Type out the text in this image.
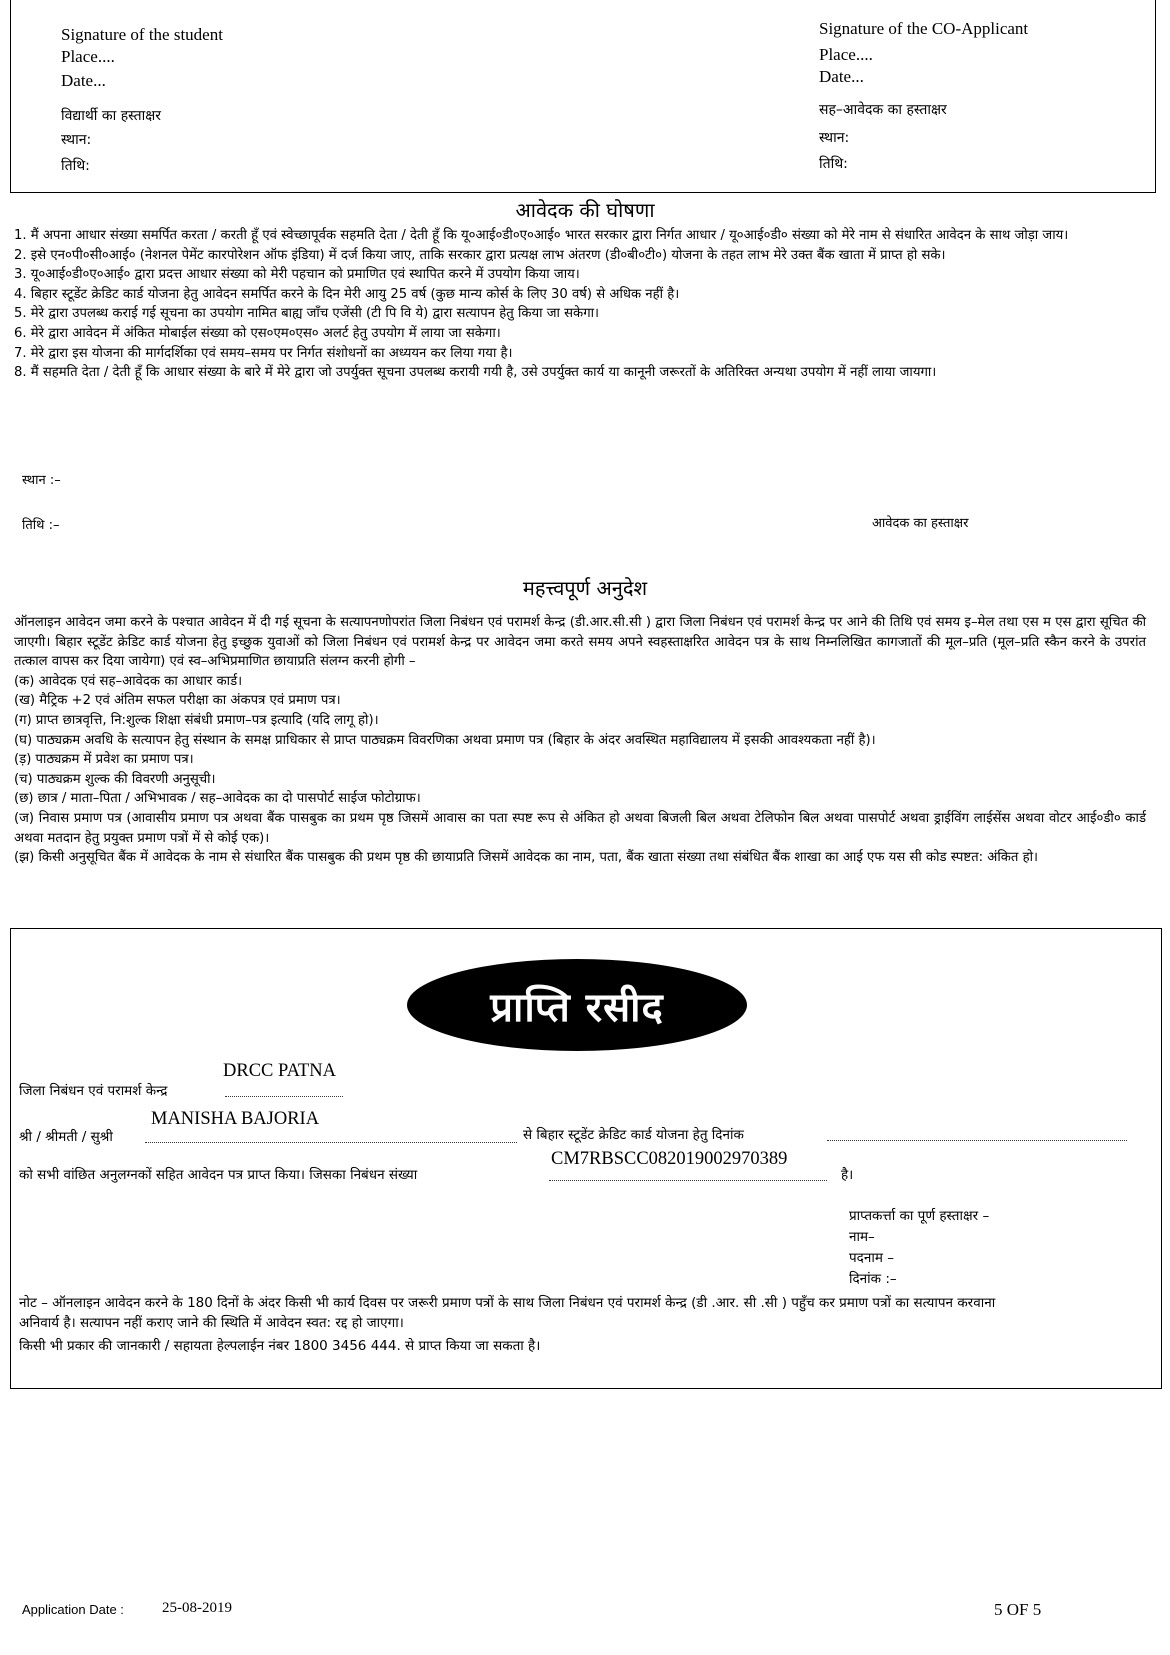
Signature of the student
Place....
Date...
विद्यार्थी का हस्ताक्षर
स्थान:
तिथि:
Signature of the CO-Applicant
Place....
Date...
सह–आवेदक का हस्ताक्षर
स्थान:
तिथि:
आवेदक की घोषणा

1. मैं अपना आधार संख्या समर्पित करता / करती हूँ एवं स्वेच्छापूर्वक सहमति देता / देती हूँ कि यू०आई०डी०ए०आई० भारत सरकार द्वारा निर्गत आधार / यू०आई०डी० संख्या को मेरे नाम से संधारित आवेदन के साथ जोड़ा जाय।

2. इसे एन०पी०सी०आई० (नेशनल पेमेंट कारपोरेशन ऑफ इंडिया) में दर्ज किया जाए, ताकि सरकार द्वारा प्रत्यक्ष लाभ अंतरण (डी०बी०टी०) योजना के तहत लाभ मेरे उक्त बैंक खाता में प्राप्त हो सके।

3. यू०आई०डी०ए०आई० द्वारा प्रदत्त आधार संख्या को मेरी पहचान को प्रमाणित एवं स्थापित करने में उपयोग किया जाय।

4. बिहार स्टूडेंट क्रेडिट कार्ड योजना हेतु आवेदन समर्पित करने के दिन मेरी आयु 25 वर्ष (कुछ मान्य कोर्स के लिए 30 वर्ष) से अधिक नहीं है।

5. मेरे द्वारा उपलब्ध कराई गई सूचना का उपयोग नामित बाह्य जाँच एजेंसी (टी पि वि ये) द्वारा सत्यापन हेतु किया जा सकेगा।

6. मेरे द्वारा आवेदन में अंकित मोबाईल संख्या को एस०एम०एस० अलर्ट हेतु उपयोग में लाया जा सकेगा।

7. मेरे द्वारा इस योजना की मार्गदर्शिका एवं समय–समय पर निर्गत संशोधनों का अध्ययन कर लिया गया है।

8. मैं सहमति देता / देती हूँ कि आधार संख्या के बारे में मेरे द्वारा जो उपर्युक्त सूचना उपलब्ध करायी गयी है, उसे उपर्युक्त कार्य या कानूनी जरूरतों के अतिरिक्त अन्यथा उपयोग में नहीं लाया जायगा।

स्थान :–
तिथि :–	आवेदक का हस्ताक्षर
महत्त्वपूर्ण अनुदेश

ऑनलाइन आवेदन जमा करने के पश्चात आवेदन में दी गई सूचना के सत्यापनणोपरांत जिला निबंधन एवं परामर्श केन्द्र (डी.आर.सी.सी ) द्वारा जिला निबंधन एवं परामर्श केन्द्र पर आने की तिथि एवं समय इ–मेल तथा एस म एस द्वारा सूचित की जाएगी। बिहार स्टूडेंट क्रेडिट कार्ड योजना हेतु इच्छुक युवाओं को जिला निबंधन एवं परामर्श केन्द्र पर आवेदन जमा करते समय अपने स्वहस्ताक्षरित आवेदन पत्र के साथ निम्नलिखित कागजातों की मूल–प्रति (मूल–प्रति स्कैन करने के उपरांत तत्काल वापस कर दिया जायेगा) एवं स्व–अभिप्रमाणित छायाप्रति संलग्न करनी होगी –

(क) आवेदक एवं सह–आवेदक का आधार कार्ड।

(ख) मैट्रिक +2 एवं अंतिम सफल परीक्षा का अंकपत्र एवं प्रमाण पत्र।

(ग) प्राप्त छात्रवृत्ति, नि:शुल्क शिक्षा संबंधी प्रमाण–पत्र इत्यादि (यदि लागू हो)।

(घ) पाठ्यक्रम अवधि के सत्यापन हेतु संस्थान के समक्ष प्राधिकार से प्राप्त पाठ्यक्रम विवरणिका अथवा प्रमाण पत्र (बिहार के अंदर अवस्थित महाविद्यालय में इसकी आवश्यकता नहीं है)।

(ड़) पाठ्यक्रम में प्रवेश का प्रमाण पत्र।

(च) पाठ्यक्रम शुल्क की विवरणी अनुसूची।

(छ) छात्र / माता–पिता / अभिभावक / सह–आवेदक का दो पासपोर्ट साईज फोटोग्राफ।

(ज) निवास प्रमाण पत्र (आवासीय प्रमाण पत्र अथवा बैंक पासबुक का प्रथम पृष्ठ जिसमें आवास का पता स्पष्ट रूप से अंकित हो अथवा बिजली बिल अथवा टेलिफोन बिल अथवा पासपोर्ट अथवा ड्राईविंग लाईसेंस अथवा वोटर आई०डी० कार्ड अथवा मतदान हेतु प्रयुक्त प्रमाण पत्रों में से कोई एक)।

(झ) किसी अनुसूचित बैंक में आवेदक के नाम से संधारित बैंक पासबुक की प्रथम पृष्ठ की छायाप्रति जिसमें आवेदक का नाम, पता, बैंक खाता संख्या तथा संबंधित बैंक शाखा का आई एफ यस सी कोड स्पष्टत: अंकित हो।

प्राप्ति रसीद
जिला निबंधन एवं परामर्श केन्द्र
DRCC PATNA
श्री / श्रीमती / सुश्री
MANISHA BAJORIA
से बिहार स्टूडेंट क्रेडिट कार्ड योजना हेतु दिनांक
को सभी वांछित अनुलग्नकों सहित आवेदन पत्र प्राप्त किया। जिसका निबंधन संख्या
CM7RBSCC082019002970389
है।
प्राप्तकर्त्ता का पूर्ण हस्ताक्षर –
नाम–
पदनाम –
दिनांक :–
नोट – ऑनलाइन आवेदन करने के 180 दिनों के अंदर किसी भी कार्य दिवस पर जरूरी प्रमाण पत्रों के साथ जिला निबंधन एवं परामर्श केन्द्र (डी .आर. सी .सी ) पहुँच कर प्रमाण पत्रों का सत्यापन करवाना अनिवार्य है। सत्यापन नहीं कराए जाने की स्थिति में आवेदन स्वत: रद्द हो जाएगा।
किसी भी प्रकार की जानकारी / सहायता हेल्पलाईन नंबर 1800 3456 444. से प्राप्त किया जा सकता है।
Application Date :	25-08-2019	5 OF 5
